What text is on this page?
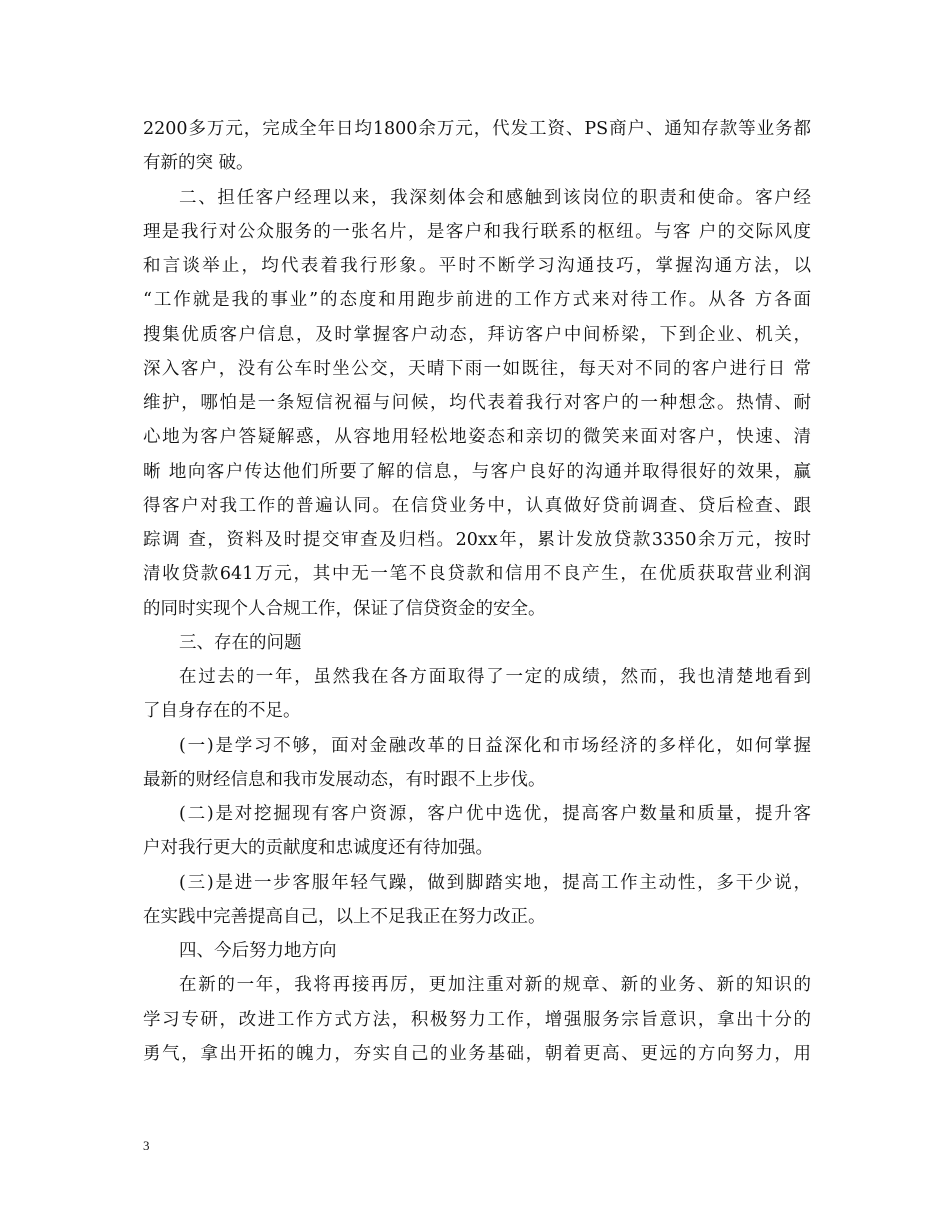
2200多万元，完成全年日均1800余万元，代发工资、PS商户、通知存款等业务都
有新的突 破。
二、担任客户经理以来，我深刻体会和感触到该岗位的职责和使命。客户经
理是我行对公众服务的一张名片，是客户和我行联系的枢纽。与客 户的交际风度
和言谈举止，均代表着我行形象。平时不断学习沟通技巧，掌握沟通方法，以
“工作就是我的事业”的态度和用跑步前进的工作方式来对待工作。从各 方各面
搜集优质客户信息，及时掌握客户动态，拜访客户中间桥梁，下到企业、机关，
深入客户，没有公车时坐公交，天晴下雨一如既往，每天对不同的客户进行日 常
维护，哪怕是一条短信祝福与问候，均代表着我行对客户的一种想念。热情、耐
心地为客户答疑解惑，从容地用轻松地姿态和亲切的微笑来面对客户，快速、清
晰 地向客户传达他们所要了解的信息，与客户良好的沟通并取得很好的效果，赢
得客户对我工作的普遍认同。在信贷业务中，认真做好贷前调查、贷后检查、跟
踪调 查，资料及时提交审查及归档。20xx年，累计发放贷款3350余万元，按时
清收贷款641万元，其中无一笔不良贷款和信用不良产生，在优质获取营业利润
的同时实现个人合规工作，保证了信贷资金的安全。
三、存在的问题
在过去的一年，虽然我在各方面取得了一定的成绩，然而，我也清楚地看到
了自身存在的不足。
(一)是学习不够，面对金融改革的日益深化和市场经济的多样化，如何掌握
最新的财经信息和我市发展动态，有时跟不上步伐。
(二)是对挖掘现有客户资源，客户优中选优，提高客户数量和质量，提升客
户对我行更大的贡献度和忠诚度还有待加强。
(三)是进一步客服年轻气躁，做到脚踏实地，提高工作主动性，多干少说，
在实践中完善提高自己，以上不足我正在努力改正。
四、今后努力地方向
在新的一年，我将再接再厉，更加注重对新的规章、新的业务、新的知识的
学习专研，改进工作方式方法，积极努力工作，增强服务宗旨意识，拿出十分的
勇气，拿出开拓的魄力，夯实自己的业务基础，朝着更高、更远的方向努力，用
3
